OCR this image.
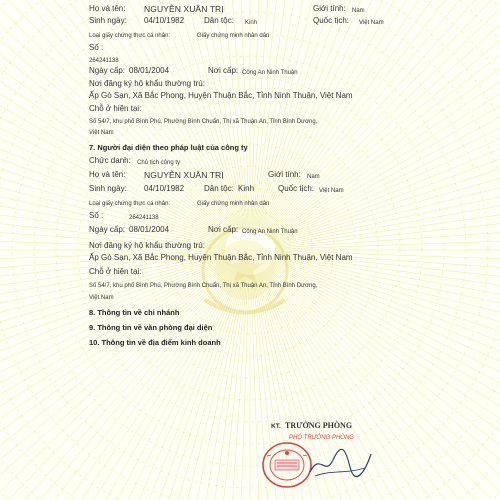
Họ và tên: NGUYỄN XUÂN TRỊ	Giới tính: Nam
Sinh ngày: 04/10/1982 Dân tộc: Kinh	Quốc tịch: Việt Nam
Loại giấy chứng thực cá nhân:	Giấy chứng minh nhân dân
Số :
264241138
Ngày cấp: 08/01/2004	Nơi cấp: Công An Ninh Thuận
Nơi đăng ký hộ khẩu thường trú:
Ấp Gò Sạn, Xã Bắc Phong, Huyện Thuận Bắc, Tỉnh Ninh Thuận, Việt Nam
Chỗ ở hiện tại:
Số 54/7, khu phố Bình Phú, Phường Bình Chuẩn, Thị xã Thuận An, Tỉnh Bình Dương,
Việt Nam
7. Người đại diện theo pháp luật của công ty
Chức danh: Chủ tịch công ty
Họ và tên: NGUYỄN XUÂN TRỊ	Giới tính: Nam
Sinh ngày: 04/10/1982 Dân tộc: Kinh	Quốc tịch: Việt Nam
Loại giấy chứng thực cá nhân:	Giấy chứng minh nhân dân
Số :	264241138
Ngày cấp: 08/01/2004	Nơi cấp: Công An Ninh Thuận
Nơi đăng ký hộ khẩu thường trú:
Ấp Gò Sạn, Xã Bắc Phong, Huyện Thuận Bắc, Tỉnh Ninh Thuận, Việt Nam
Chỗ ở hiện tại:
Số 54/7, khu phố Bình Phú, Phường Bình Chuẩn, Thị xã Thuận An, Tỉnh Bình Dương,
Việt Nam
8. Thông tin về chi nhánh
9. Thông tin về văn phòng đại diện
10. Thông tin về địa điểm kinh doanh
KT. TRƯỞNG PHÒNG
PHÓ TRƯỞNG PHÒNG
